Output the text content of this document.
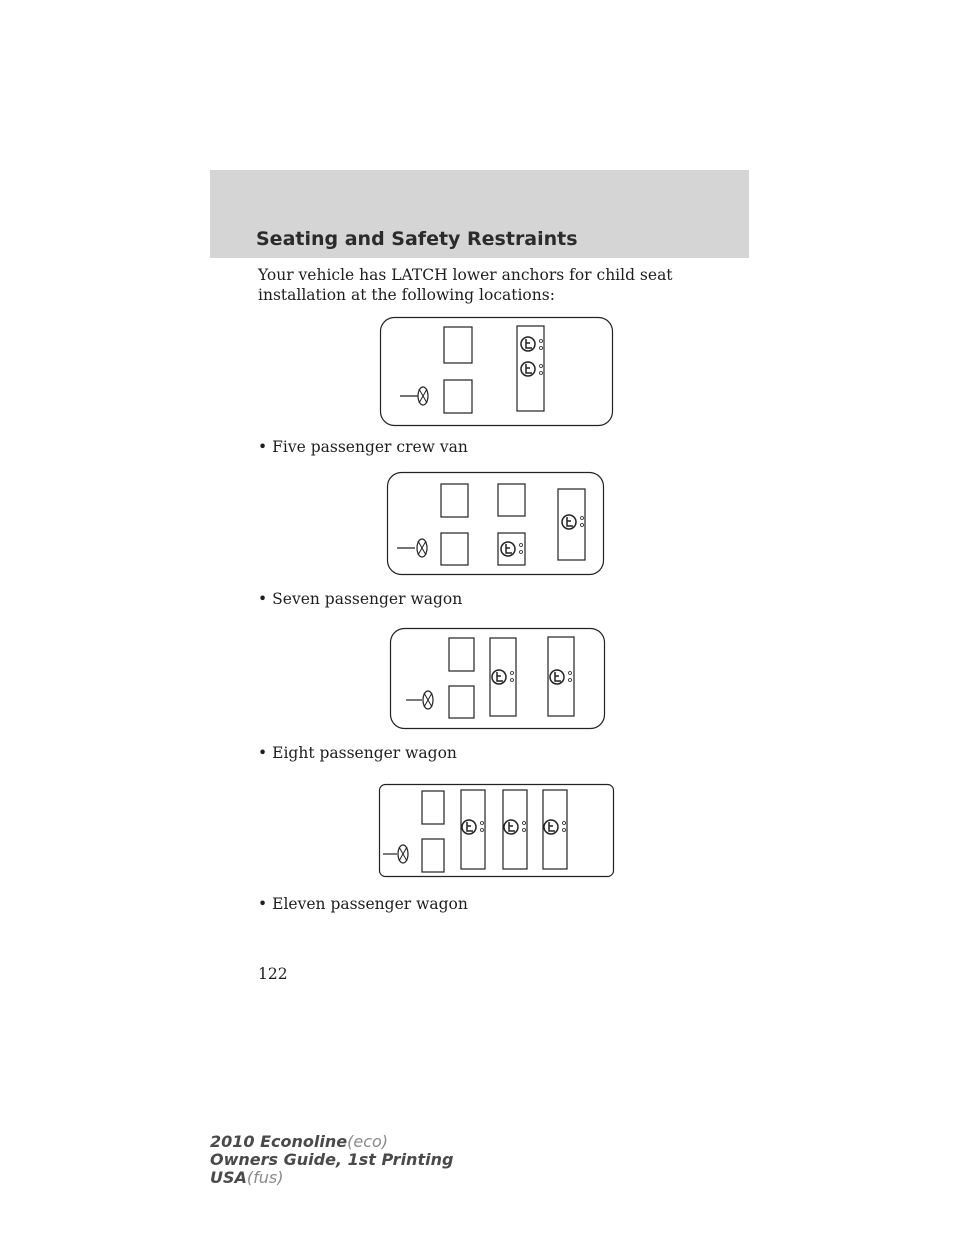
Seating and Safety Restraints

Your vehicle has LATCH lower anchors for child seat installation at the following locations:

• Five passenger crew van
• Seven passenger wagon
• Eight passenger wagon
• Eleven passenger wagon
122
2010 Econoline(eco)
Owners Guide, 1st Printing
USA(fus)
